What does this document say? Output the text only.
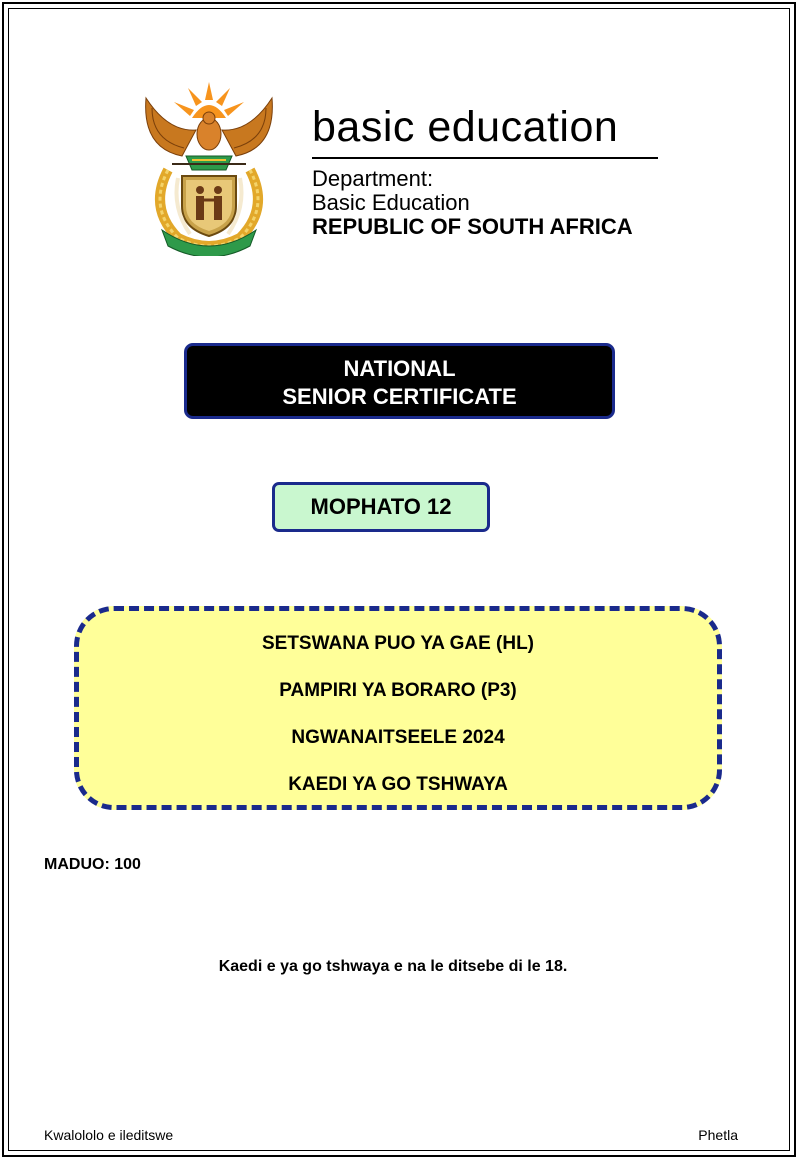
basic education
Department:
Basic Education
REPUBLIC OF SOUTH AFRICA
NATIONAL
SENIOR CERTIFICATE
MOPHATO 12
SETSWANA PUO YA GAE (HL)
PAMPIRI YA BORARO (P3)
NGWANAITSEELE 2024
KAEDI YA GO TSHWAYA
MADUO: 100
Kaedi e ya go tshwaya e na le ditsebe di le 18.
Kwalololo e ileditswe	Phetla
